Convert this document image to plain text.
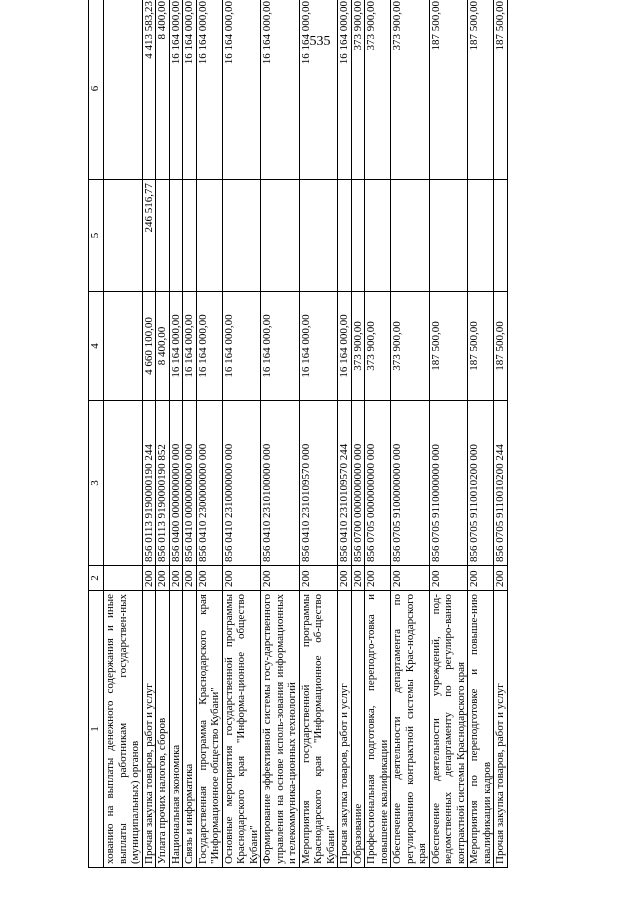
535
1	2	3	4	5	6
хованию на выплаты денежного содержания и иные выплаты работникам государствен-ных (муниципальных) органов					
Прочая закупка товаров, работ и услуг	200	856 0113 9190000190 244	4 660 100,00	246 516,77	4 413 583,23
Уплата прочих налогов, сборов	200	856 0113 9190000190 852	8 400,00		8 400,00
Национальная экономика	200	856 0400 0000000000 000	16 164 000,00		16 164 000,00
Связь и информатика	200	856 0410 0000000000 000	16 164 000,00		16 164 000,00
Государственная программа Краснодарского края "Информационное общество Кубани"	200	856 0410 2300000000 000	16 164 000,00		16 164 000,00
Основные мероприятия государственной программы Краснодарского края "Информа-ционное общество Кубани"	200	856 0410 2310000000 000	16 164 000,00		16 164 000,00
Формирование эффективной системы госу-дарственного управления на основе исполь-зования информационных и телекоммуника-ционных технологий	200	856 0410 2310100000 000	16 164 000,00		16 164 000,00
Мероприятия государственной программы Краснодарского края "Информационное об-щество Кубани"	200	856 0410 2310109570 000	16 164 000,00		16 164 000,00
Прочая закупка товаров, работ и услуг	200	856 0410 2310109570 244	16 164 000,00		16 164 000,00
Образование	200	856 0700 0000000000 000	373 900,00		373 900,00
Профессиональная подготовка, переподго-товка и повышение квалификации	200	856 0705 0000000000 000	373 900,00		373 900,00
Обеспечение деятельности департамента по регулированию контрактной системы Крас-нодарского края	200	856 0705 9100000000 000	373 900,00		373 900,00
Обеспечение деятельности учреждений, под-ведомственных департаменту по регулиро-ванию контрактной системы Краснодарского края	200	856 0705 9110000000 000	187 500,00		187 500,00
Мероприятия по переподготовке и повыше-нию квалификации кадров	200	856 0705 9110010200 000	187 500,00		187 500,00
Прочая закупка товаров, работ и услуг	200	856 0705 9110010200 244	187 500,00		187 500,00
